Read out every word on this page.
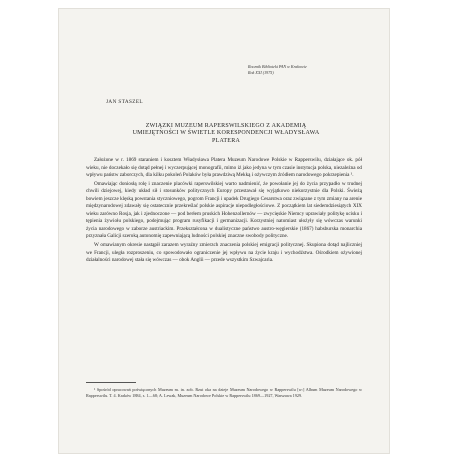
Rocznik Biblioteki PAN w Krakowie
Rok XXI (1975)
JAN STASZEL
ZWIĄZKI MUZEUM RAPERSWILSKIEGO Z AKADEMIĄ
UMIEJĘTNOŚCI W ŚWIETLE KORESPONDENCJI WŁADYSŁAWA
PLATERA

Założone w r. 1869 staraniem i kosztem Władysława Platera Muzeum Narodowe Polskie w Rapperswilu, działające ok. pół wieku, nie doczekało się dotąd pełnej i wyczerpującej monografii, mimo iż jako jedyna w tym czasie instytucja polska, niezależna od wpływu państw zaborczych, dla kilku pokoleń Polaków była prawdziwą Mekką i ożywczym źródłem narodowego pokrzepienia ¹.

Omawiając doniosłą rolę i znaczenie placówki raperswilskiej warto nadmienić, że powołanie jej do życia przypadło w trudnej chwili dziejowej, kiedy układ sił i stosunków politycznych Europy przestawał się wyjątkowo niekorzystnie dla Polski. Świeżą bowiem jeszcze klęską powstania styczniowego, pogrom Francji i upadek Drugiego Cesarstwa oraz związane z tym zmiany na arenie międzynarodowej zdawały się ostatecznie przekreślać polskie aspiracje niepodległościowe. Z początkiem lat siedemdziesiątych XIX wieku zarówno Rosja, jak i zjednoczone — pod berłem pruskich Hohenzollernów — zwycięskie Niemcy uprawiały politykę ucisku i tępienia żywiołu polskiego, podejmując program rusyfikacji i germanizacji. Korzystniej natomiast ułożyły się wówczas warunki życia narodowego w zaborze austriackim. Przekształcona w dualistyczne państwo austro-węgierskie (1867) habsburska monarchia przyznała Galicji szeroką autonomię zapewniającą ludności polskiej znaczne swobody polityczne.

W omawianym okresie nastąpił zarazem wyraźny zmierzch znaczenia polskiej emigracji politycznej. Skupiona dotąd najliczniej we Francji, uległa rozproszeniu, co spowodowało ograniczenie jej wpływu na życie kraju i wychodźstwa. Ośrodkiem ożywionej działalności narodowej stała się wówczas — obok Anglii — przede wszystkim Szwajcaria.

¹ Spośród opracowań poświęconych Muzeum m. in. zob. Rzut oka na dzieje Muzeum Narodowego w Rapperswilu [w:] Album Muzeum Narodowego w Rapperswilu. T. 4. Kraków 1884, s. 1—68; A. Lewak, Muzeum Narodowe Polskie w Rapperswilu 1869—1927, Warszawa 1929.
